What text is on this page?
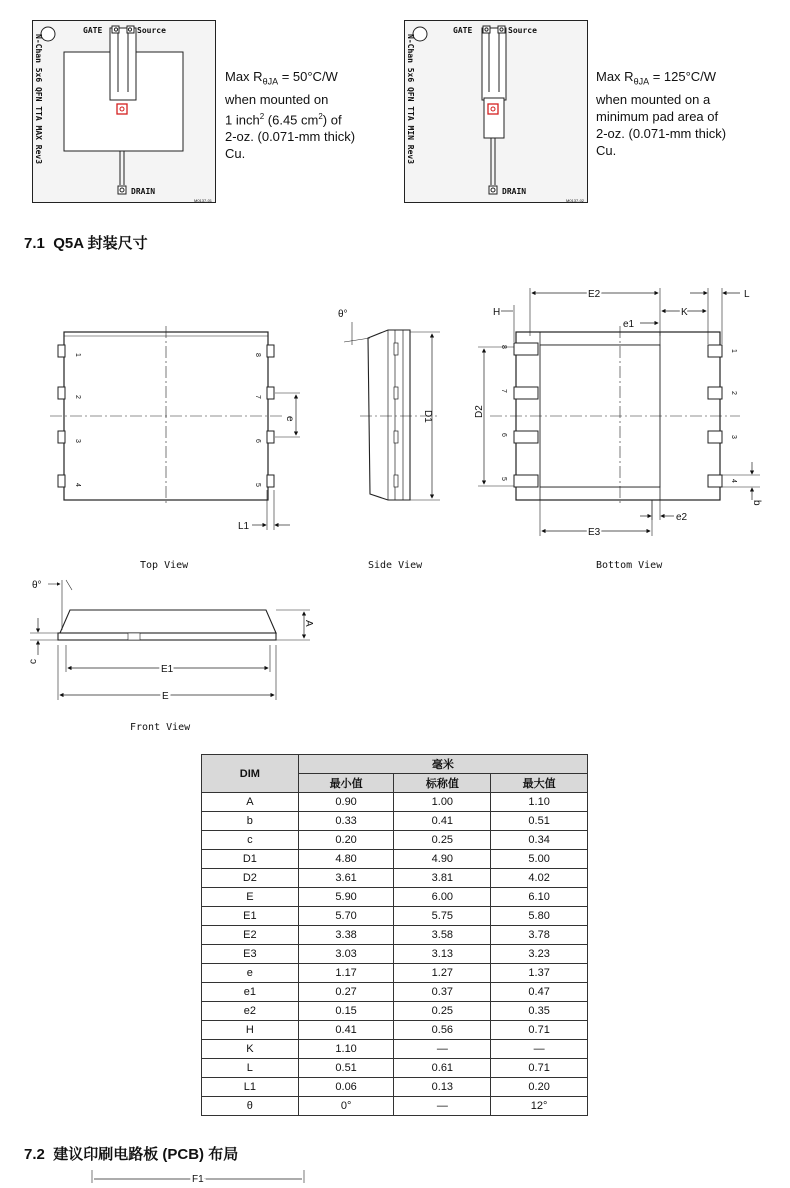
GATE	Source
DRAIN
N-Chan 5x6 QFN TTA MAX Rev3
M0137-01
Max $R_{\theta JA} = 50^\circ C/W$
when mounted on
1 inch$^2$ (6.45 $cm^2$) of
2-oz. (0.071-mm thick)
Cu.
GATE	Source
DRAIN
N-Chan 5x6 QFN TTA MIN Rev3
M0137-02
Max $R_{\theta JA} = 125^\circ C/W$
when mounted on a
minimum pad area of
2-oz. (0.071-mm thick)
Cu.
7.1 Q5A 封装尺寸
1
2
3
4
8
7
6
5
e
L1
Top View
θ°
D1
Side View
8
7
6
5
1
2
3
4
E2	L
H	K
e1
D2
E3
e2
b
Bottom View
θ°
c
A
E1
E
Front View
DIM	毫米		
	最小值	标称值	最大值
A	0.90	1.00	1.10
b	0.33	0.41	0.51
c	0.20	0.25	0.34
D1	4.80	4.90	5.00
D2	3.61	3.81	4.02
E	5.90	6.00	6.10
E1	5.70	5.75	5.80
E2	3.38	3.58	3.78
E3	3.03	3.13	3.23
e	1.17	1.27	1.37
e1	0.27	0.37	0.47
e2	0.15	0.25	0.35
H	0.41	0.56	0.71
K	1.10	—	—
L	0.51	0.61	0.71
L1	0.06	0.13	0.20
θ	0°	—	12°
7.2 建议印刷电路板 (PCB) 布局
F1
